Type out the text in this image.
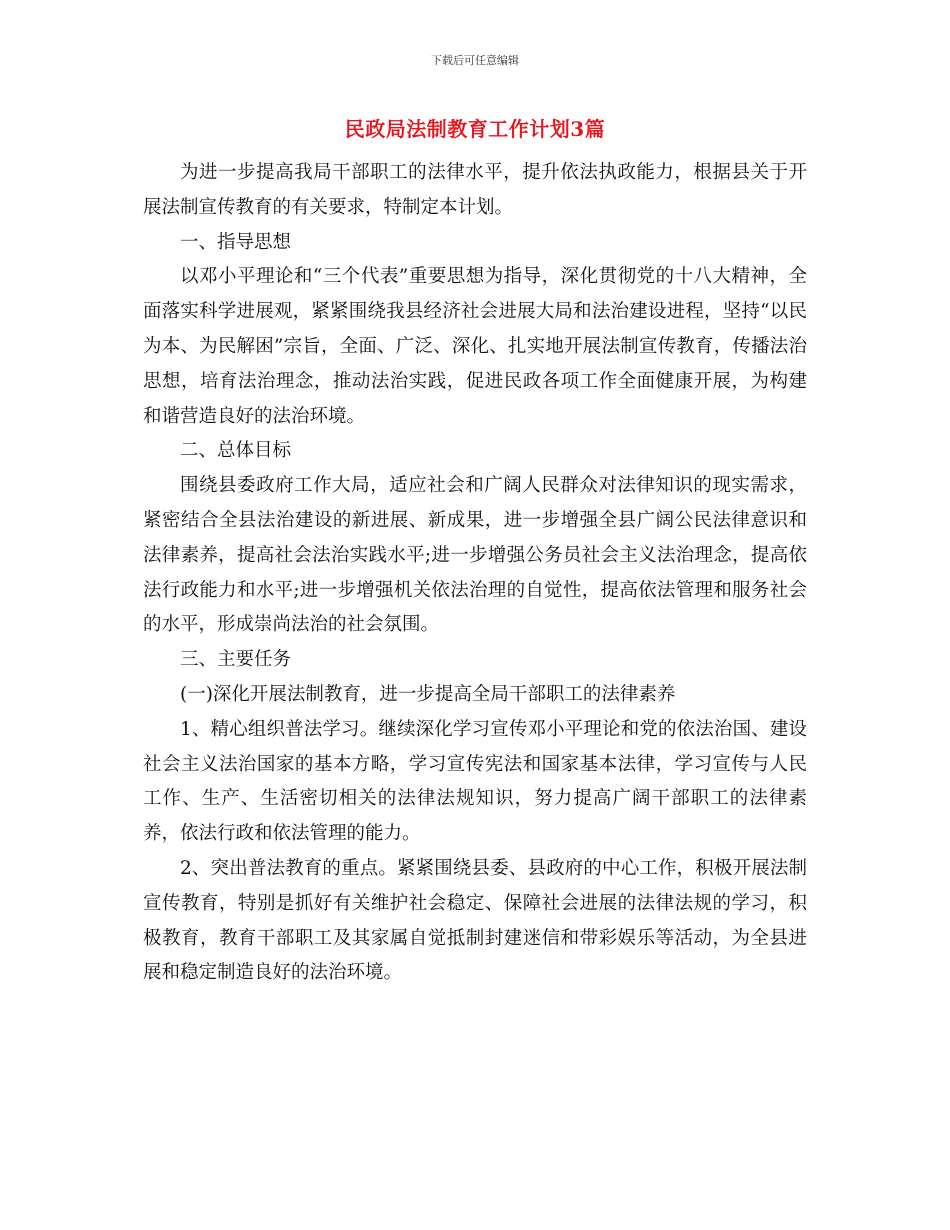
下载后可任意编辑
民政局法制教育工作计划3篇

为进一步提高我局干部职工的法律水平，提升依法执政能力，根据县关于开展法制宣传教育的有关要求，特制定本计划。

一、指导思想

以邓小平理论和“三个代表”重要思想为指导，深化贯彻党的十八大精神，全面落实科学进展观，紧紧围绕我县经济社会进展大局和法治建设进程，坚持“以民为本、为民解困”宗旨，全面、广泛、深化、扎实地开展法制宣传教育，传播法治思想，培育法治理念，推动法治实践，促进民政各项工作全面健康开展，为构建和谐营造良好的法治环境。

二、总体目标

围绕县委政府工作大局，适应社会和广阔人民群众对法律知识的现实需求，紧密结合全县法治建设的新进展、新成果，进一步增强全县广阔公民法律意识和法律素养，提高社会法治实践水平;进一步增强公务员社会主义法治理念，提高依法行政能力和水平;进一步增强机关依法治理的自觉性，提高依法管理和服务社会的水平，形成崇尚法治的社会氛围。

三、主要任务

(一)深化开展法制教育，进一步提高全局干部职工的法律素养

1、精心组织普法学习。继续深化学习宣传邓小平理论和党的依法治国、建设社会主义法治国家的基本方略，学习宣传宪法和国家基本法律，学习宣传与人民工作、生产、生活密切相关的法律法规知识，努力提高广阔干部职工的法律素养，依法行政和依法管理的能力。

2、突出普法教育的重点。紧紧围绕县委、县政府的中心工作，积极开展法制宣传教育，特别是抓好有关维护社会稳定、保障社会进展的法律法规的学习，积极教育，教育干部职工及其家属自觉抵制封建迷信和带彩娱乐等活动，为全县进展和稳定制造良好的法治环境。
